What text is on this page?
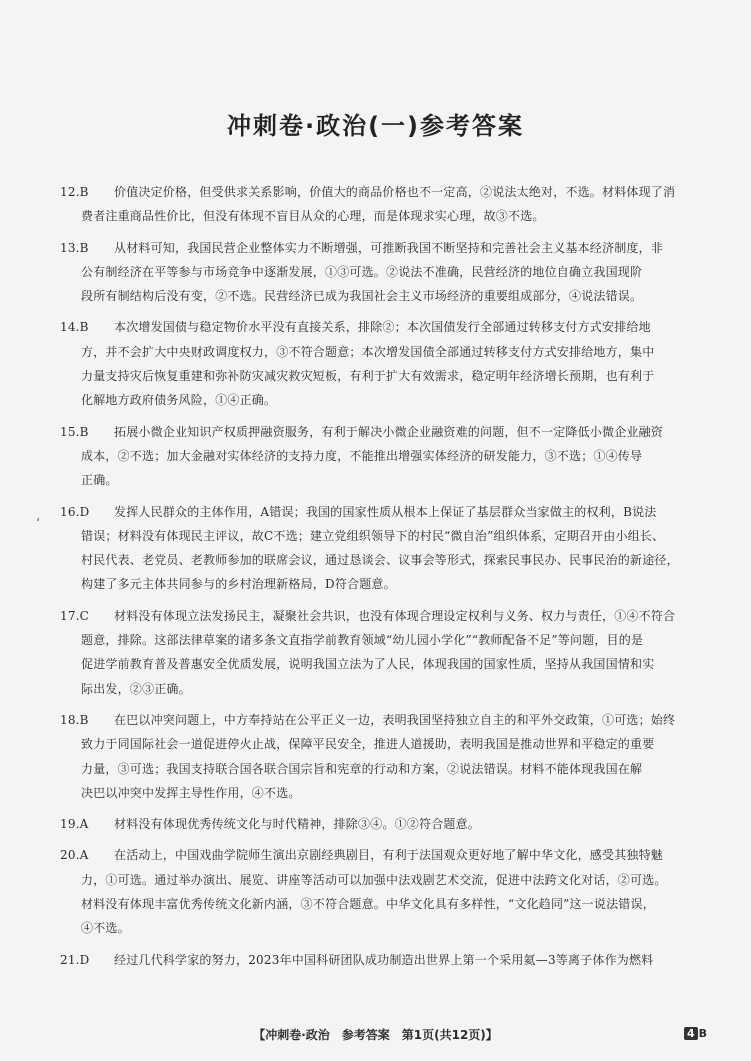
冲刺卷·政治(一)参考答案
‘
12.B 价值决定价格，但受供求关系影响，价值大的商品价格也不一定高，②说法太绝对，不选。材料体现了消
费者注重商品性价比，但没有体现不盲目从众的心理，而是体现求实心理，故③不选。
13.B 从材料可知，我国民营企业整体实力不断增强，可推断我国不断坚持和完善社会主义基本经济制度，非
公有制经济在平等参与市场竞争中逐渐发展，①③可选。②说法不准确，民营经济的地位自确立我国现阶
段所有制结构后没有变，②不选。民营经济已成为我国社会主义市场经济的重要组成部分，④说法错误。
14.B 本次增发国债与稳定物价水平没有直接关系，排除②；本次国债发行全部通过转移支付方式安排给地
方，并不会扩大中央财政调度权力，③不符合题意；本次增发国债全部通过转移支付方式安排给地方，集中
力量支持灾后恢复重建和弥补防灾减灾救灾短板，有利于扩大有效需求，稳定明年经济增长预期，也有利于
化解地方政府债务风险，①④正确。
15.B 拓展小微企业知识产权质押融资服务，有利于解决小微企业融资难的问题，但不一定降低小微企业融资
成本，②不选；加大金融对实体经济的支持力度，不能推出增强实体经济的研发能力，③不选；①④传导
正确。
16.D 发挥人民群众的主体作用，A错误；我国的国家性质从根本上保证了基层群众当家做主的权利，B说法
错误；材料没有体现民主评议，故C不选；建立党组织领导下的村民“微自治”组织体系，定期召开由小组长、
村民代表、老党员、老教师参加的联席会议，通过恳谈会、议事会等形式，探索民事民办、民事民治的新途径，
构建了多元主体共同参与的乡村治理新格局，D符合题意。
17.C 材料没有体现立法发扬民主，凝聚社会共识，也没有体现合理设定权利与义务、权力与责任，①④不符合
题意，排除。这部法律草案的诸多条文直指学前教育领域“幼儿园小学化”“教师配备不足”等问题，目的是
促进学前教育普及普惠安全优质发展，说明我国立法为了人民，体现我国的国家性质，坚持从我国国情和实
际出发，②③正确。
18.B 在巴以冲突问题上，中方奉持站在公平正义一边，表明我国坚持独立自主的和平外交政策，①可选；始终
致力于同国际社会一道促进停火止战，保障平民安全，推进人道援助，表明我国是推动世界和平稳定的重要
力量，③可选；我国支持联合国各联合国宗旨和宪章的行动和方案，②说法错误。材料不能体现我国在解
决巴以冲突中发挥主导性作用，④不选。
19.A 材料没有体现优秀传统文化与时代精神，排除③④。①②符合题意。
20.A 在活动上，中国戏曲学院师生演出京剧经典剧目，有利于法国观众更好地了解中华文化，感受其独特魅
力，①可选。通过举办演出、展览、讲座等活动可以加强中法戏剧艺术交流，促进中法跨文化对话，②可选。
材料没有体现丰富优秀传统文化新内涵，③不符合题意。中华文化具有多样性，“文化趋同”这一说法错误，
④不选。
21.D 经过几代科学家的努力，2023年中国科研团队成功制造出世界上第一个采用氦—3等离子体作为燃料
【冲刺卷·政治　参考答案　第1页(共12页)】	4 B
